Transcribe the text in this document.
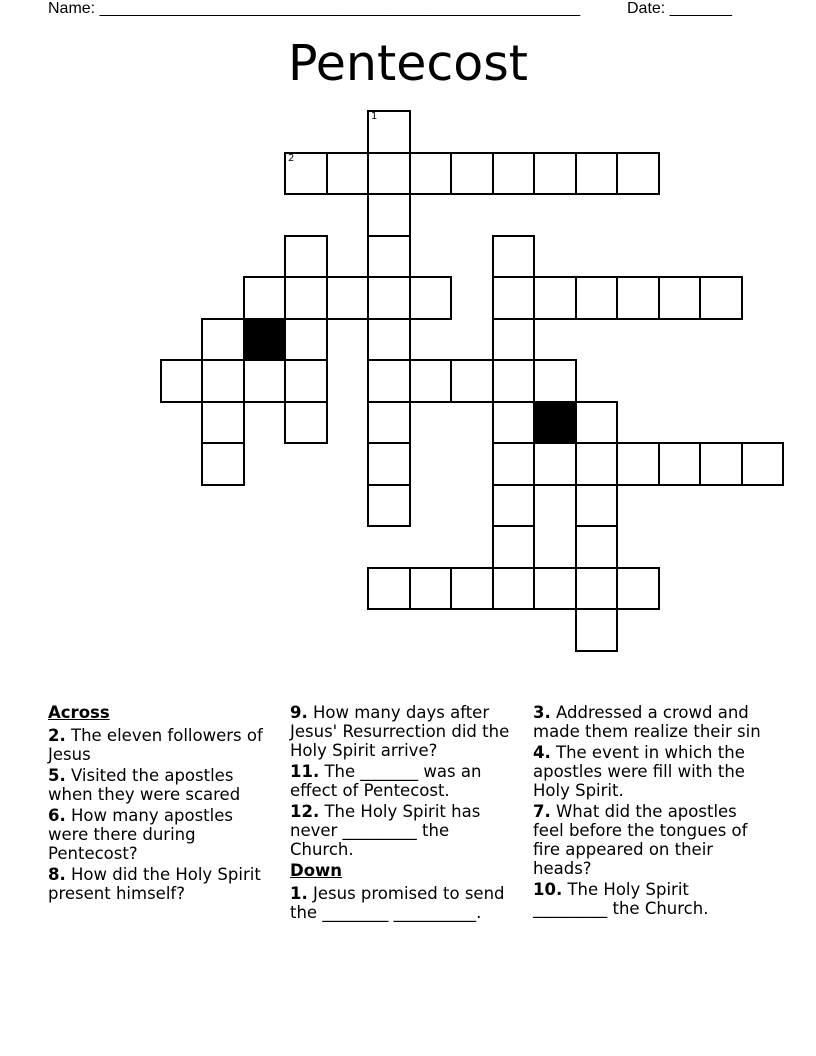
Name: ______________________________________________________	Date: _______
Pentecost
1
2
10

Across

2. The eleven followers of Jesus

5. Visited the apostles when they were scared

6. How many apostles were there during Pentecost?

8. How did the Holy Spirit present himself?

9. How many days after Jesus' Resurrection did the Holy Spirit arrive?

11. The _______ was an effect of Pentecost.

12. The Holy Spirit has never _________ the Church.

Down

1. Jesus promised to send the ________ __________.

3. Addressed a crowd and made them realize their sin

4. The event in which the apostles were fill with the Holy Spirit.

7. What did the apostles feel before the tongues of fire appeared on their heads?

10. The Holy Spirit _________ the Church.
